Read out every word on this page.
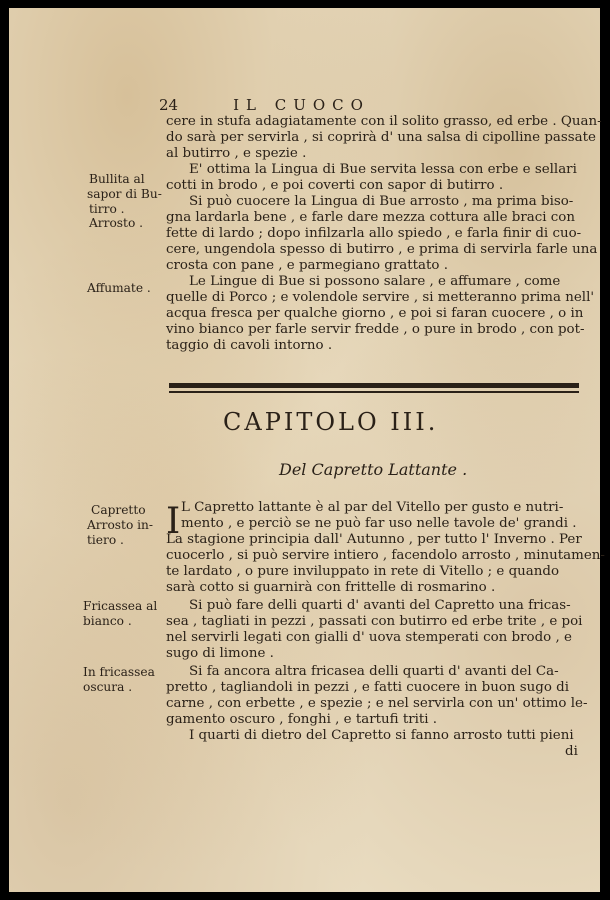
24	IL CUOCO
Bullita al
sapor di Bu-
tirro .
Arrosto .
Affumate .
Capretto
Arrosto in-
tiero .
Fricassea al
bianco .
In fricassea
oscura .
cere in stufa adagiatamente con il solito grasso, ed erbe . Quan-
do sarà per servirla , si coprirà d' una salsa di cipolline passate
al butirro , e spezie .
E' ottima la Lingua di Bue servita lessa con erbe e sellari
cotti in brodo , e poi coverti con sapor di butirro .
Si può cuocere la Lingua di Bue arrosto , ma prima biso-
gna lardarla bene , e farle dare mezza cottura alle braci con
fette di lardo ; dopo infilzarla allo spiedo , e farla finir di cuo-
cere, ungendola spesso di butirro , e prima di servirla farle una
crosta con pane , e parmegiano grattato .
Le Lingue di Bue si possono salare , e affumare , come
quelle di Porco ; e volendole servire , si metteranno prima nell'
acqua fresca per qualche giorno , e poi si faran cuocere , o in
vino bianco per farle servir fredde , o pure in brodo , con pot-
taggio di cavoli intorno .
CAPITOLO III.
Del Capretto Lattante .
I L Capretto lattante è al par del Vitello per gusto e nutri-
mento , e perciò se ne può far uso nelle tavole de' grandi .
La stagione principia dall' Autunno , per tutto l' Inverno . Per
cuocerlo , si può servire intiero , facendolo arrosto , minutamen-
te lardato , o pure inviluppato in rete di Vitello ; e quando
sarà cotto si guarnirà con frittelle di rosmarino .
Si può fare delli quarti d' avanti del Capretto una fricas-
sea , tagliati in pezzi , passati con butirro ed erbe trite , e poi
nel servirli legati con gialli d' uova stemperati con brodo , e
sugo di limone .
Si fa ancora altra fricasea delli quarti d' avanti del Ca-
pretto , tagliandoli in pezzi , e fatti cuocere in buon sugo di
carne , con erbette , e spezie ; e nel servirla con un' ottimo le-
gamento oscuro , fonghi , e tartufi triti .
I quarti di dietro del Capretto si fanno arrosto tutti pieni
di
